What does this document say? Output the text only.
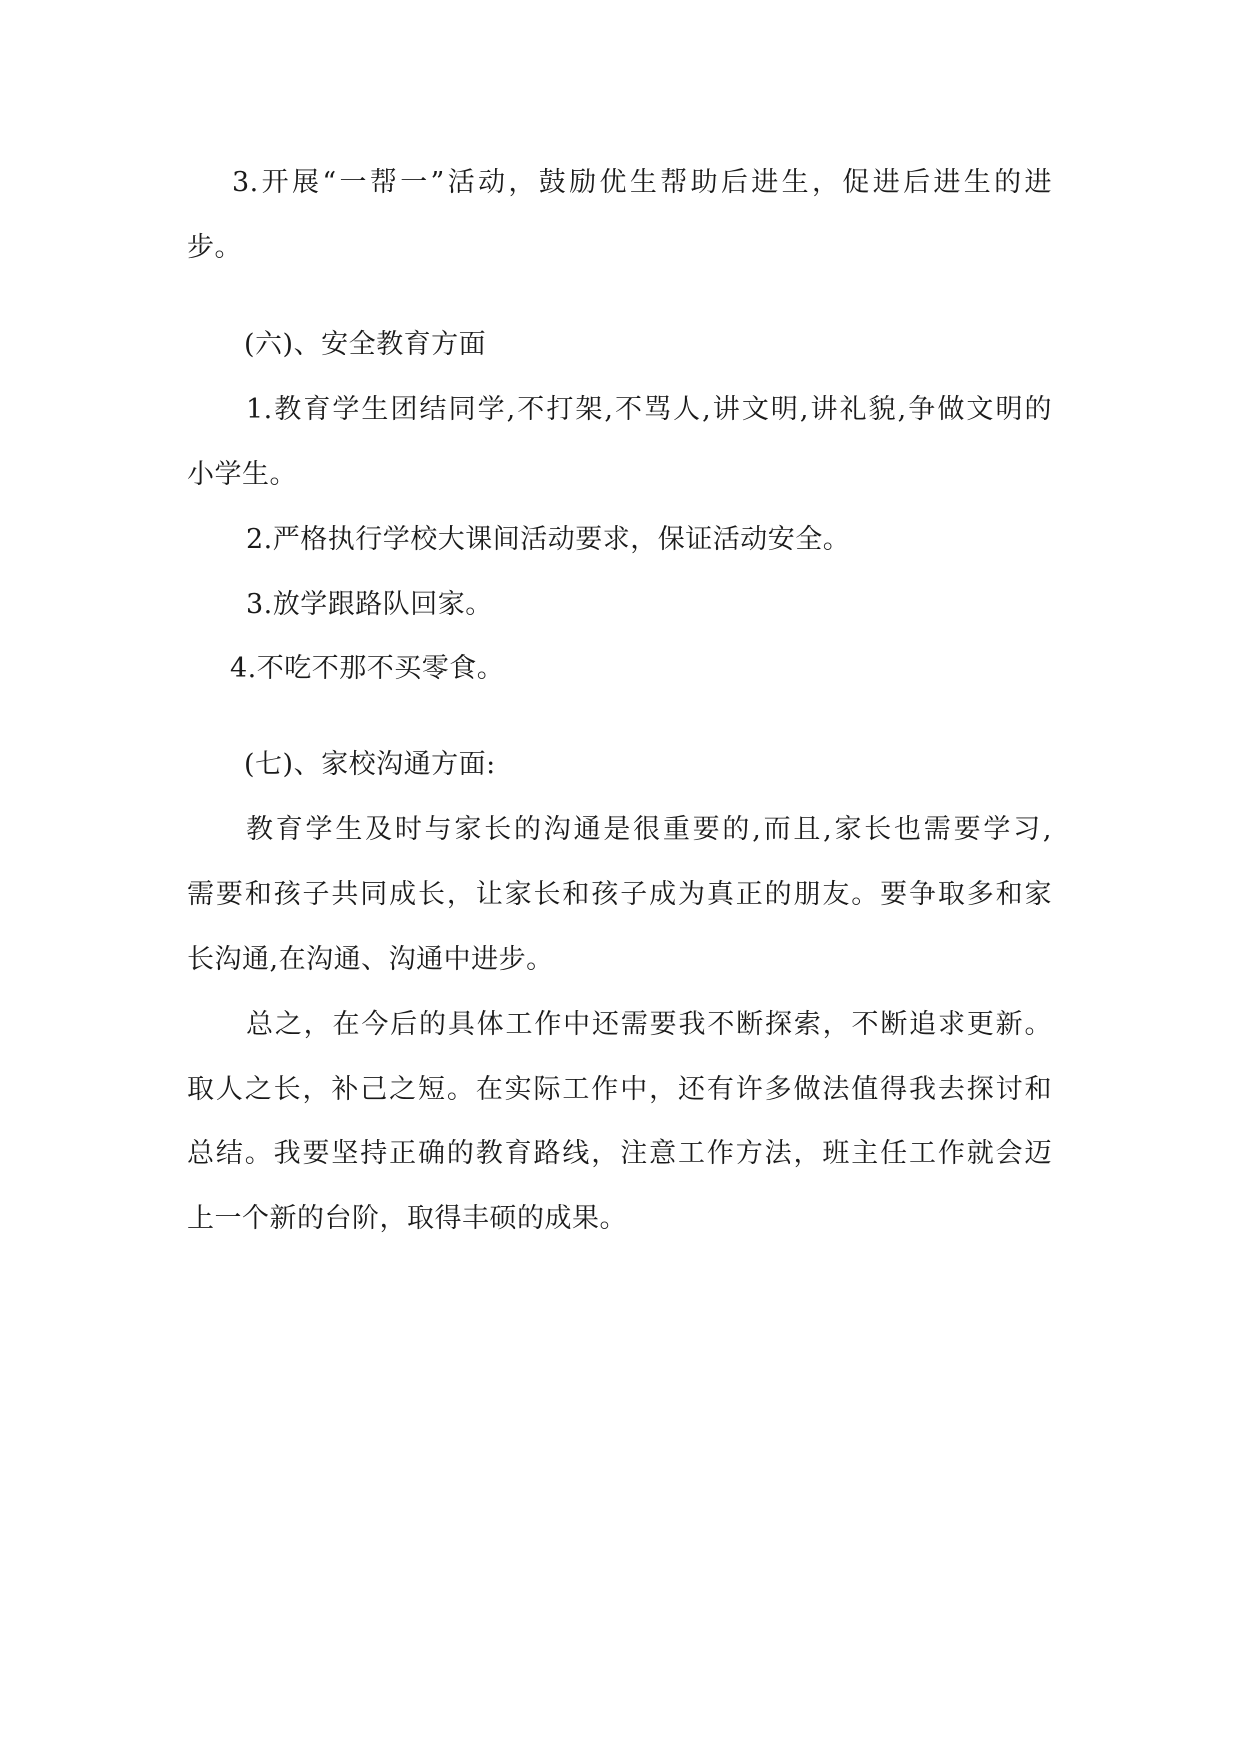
3.开展“一帮一”活动，鼓励优生帮助后进生，促进后进生的进
步。
(六)、安全教育方面
1.教育学生团结同学,不打架,不骂人,讲文明,讲礼貌,争做文明的
小学生。
2.严格执行学校大课间活动要求，保证活动安全。
3.放学跟路队回家。
4.不吃不那不买零食。
(七)、家校沟通方面:
教育学生及时与家长的沟通是很重要的,而且,家长也需要学习,
需要和孩子共同成长，让家长和孩子成为真正的朋友。要争取多和家
长沟通,在沟通、沟通中进步。
总之，在今后的具体工作中还需要我不断探索，不断追求更新。
取人之长，补己之短。在实际工作中，还有许多做法值得我去探讨和
总结。我要坚持正确的教育路线，注意工作方法，班主任工作就会迈
上一个新的台阶，取得丰硕的成果。
